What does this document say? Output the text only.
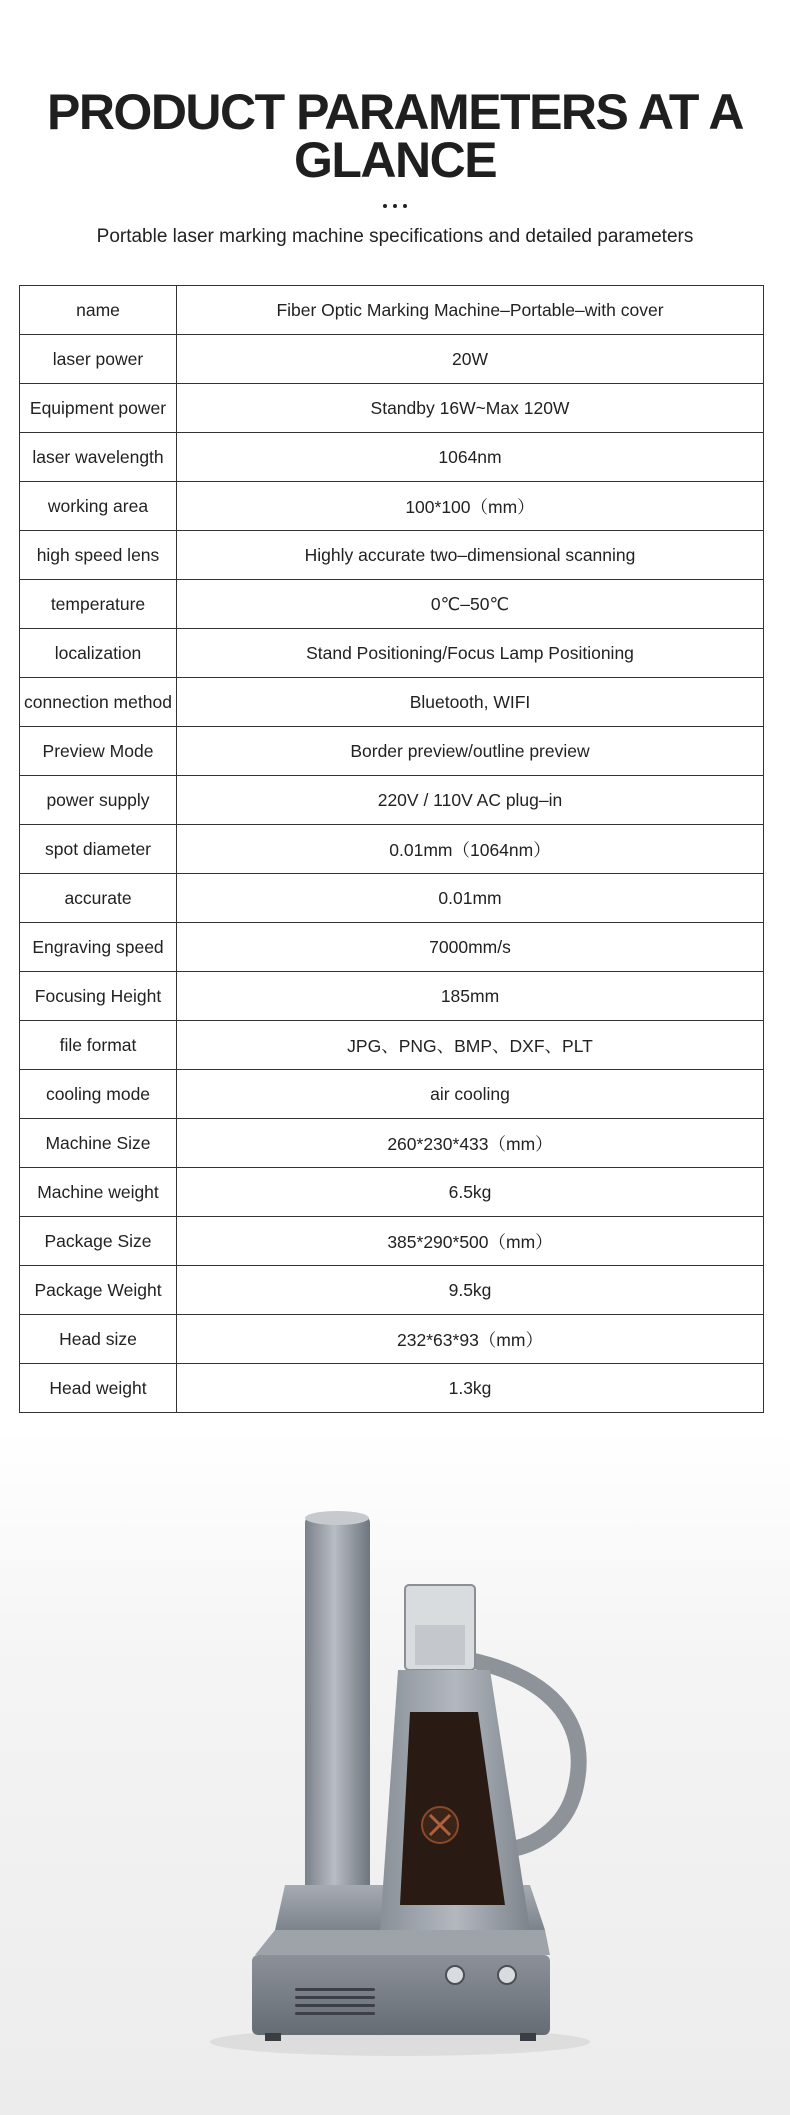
PRODUCT PARAMETERS AT A
GLANCE

Portable laser marking machine specifications and detailed parameters

name	Fiber Optic Marking Machine–Portable–with cover
laser power	20W
Equipment power	Standby 16W~Max 120W
laser wavelength	1064nm
working area	100*100（mm）
high speed lens	Highly accurate two–dimensional scanning
temperature	0℃–50℃
localization	Stand Positioning/Focus Lamp Positioning
connection method	Bluetooth, WIFI
Preview Mode	Border preview/outline preview
power supply	220V / 110V AC plug–in
spot diameter	0.01mm（1064nm）
accurate	0.01mm
Engraving speed	7000mm/s
Focusing Height	185mm
file format	JPG、PNG、BMP、DXF、PLT
cooling mode	air cooling
Machine Size	260*230*433（mm）
Machine weight	6.5kg
Package Size	385*290*500（mm）
Package Weight	9.5kg
Head size	232*63*93（mm）
Head weight	1.3kg
